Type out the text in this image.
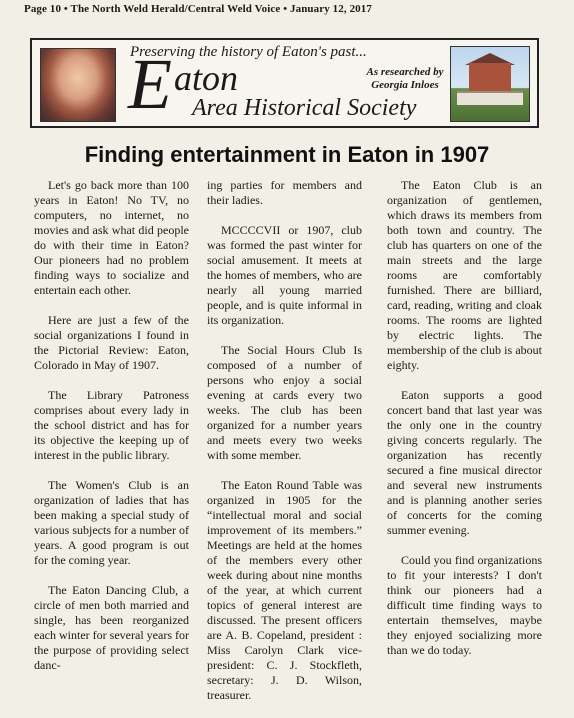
Page 10 • The North Weld Herald/Central Weld Voice • January 12, 2017
Preserving the history of Eaton's past...
E aton
Area Historical Society
As researched by
Georgia Inloes
Finding entertainment in Eaton in 1907

Let's go back more than 100 years in Eaton! No TV, no computers, no internet, no movies and ask what did people do with their time in Eaton? Our pioneers had no problem finding ways to socialize and entertain each other.

Here are just a few of the social organizations I found in the Pictorial Review: Eaton, Colorado in May of 1907.

The Library Patroness comprises about every lady in the school district and has for its objective the keeping up of interest in the public library.

The Women's Club is an organization of ladies that has been making a special study of various subjects for a number of years. A good program is out for the coming year.

The Eaton Dancing Club, a circle of men both married and single, has been reorganized each winter for several years for the purpose of providing select danc-

ing parties for members and their ladies.

MCCCCVII or 1907, club was formed the past winter for social amusement. It meets at the homes of members, who are nearly all young married people, and is quite informal in its organization.

The Social Hours Club Is composed of a number of persons who enjoy a social evening at cards every two weeks. The club has been organized for a number years and meets every two weeks with some member.

The Eaton Round Table was organized in 1905 for the “intellectual moral and social improvement of its members.” Meetings are held at the homes of the members every other week during about nine months of the year, at which current topics of general interest are discussed. The present officers are A. B. Copeland, president : Miss Carolyn Clark vice-president: C. J. Stockfleth, secretary: J. D. Wilson, treasurer.

The Eaton Club is an organization of gentlemen, which draws its members from both town and country. The club has quarters on one of the main streets and the large rooms are comfortably furnished. There are billiard, card, reading, writing and cloak rooms. The rooms are lighted by electric lights. The membership of the club is about eighty.

Eaton supports a good concert band that last year was the only one in the country giving concerts regularly. The organization has recently secured a fine musical director and several new instruments and is planning another series of concerts for the coming summer evening.

Could you find organizations to fit your interests? I don't think our pioneers had a difficult time finding ways to entertain themselves, maybe they enjoyed socializing more than we do today.
